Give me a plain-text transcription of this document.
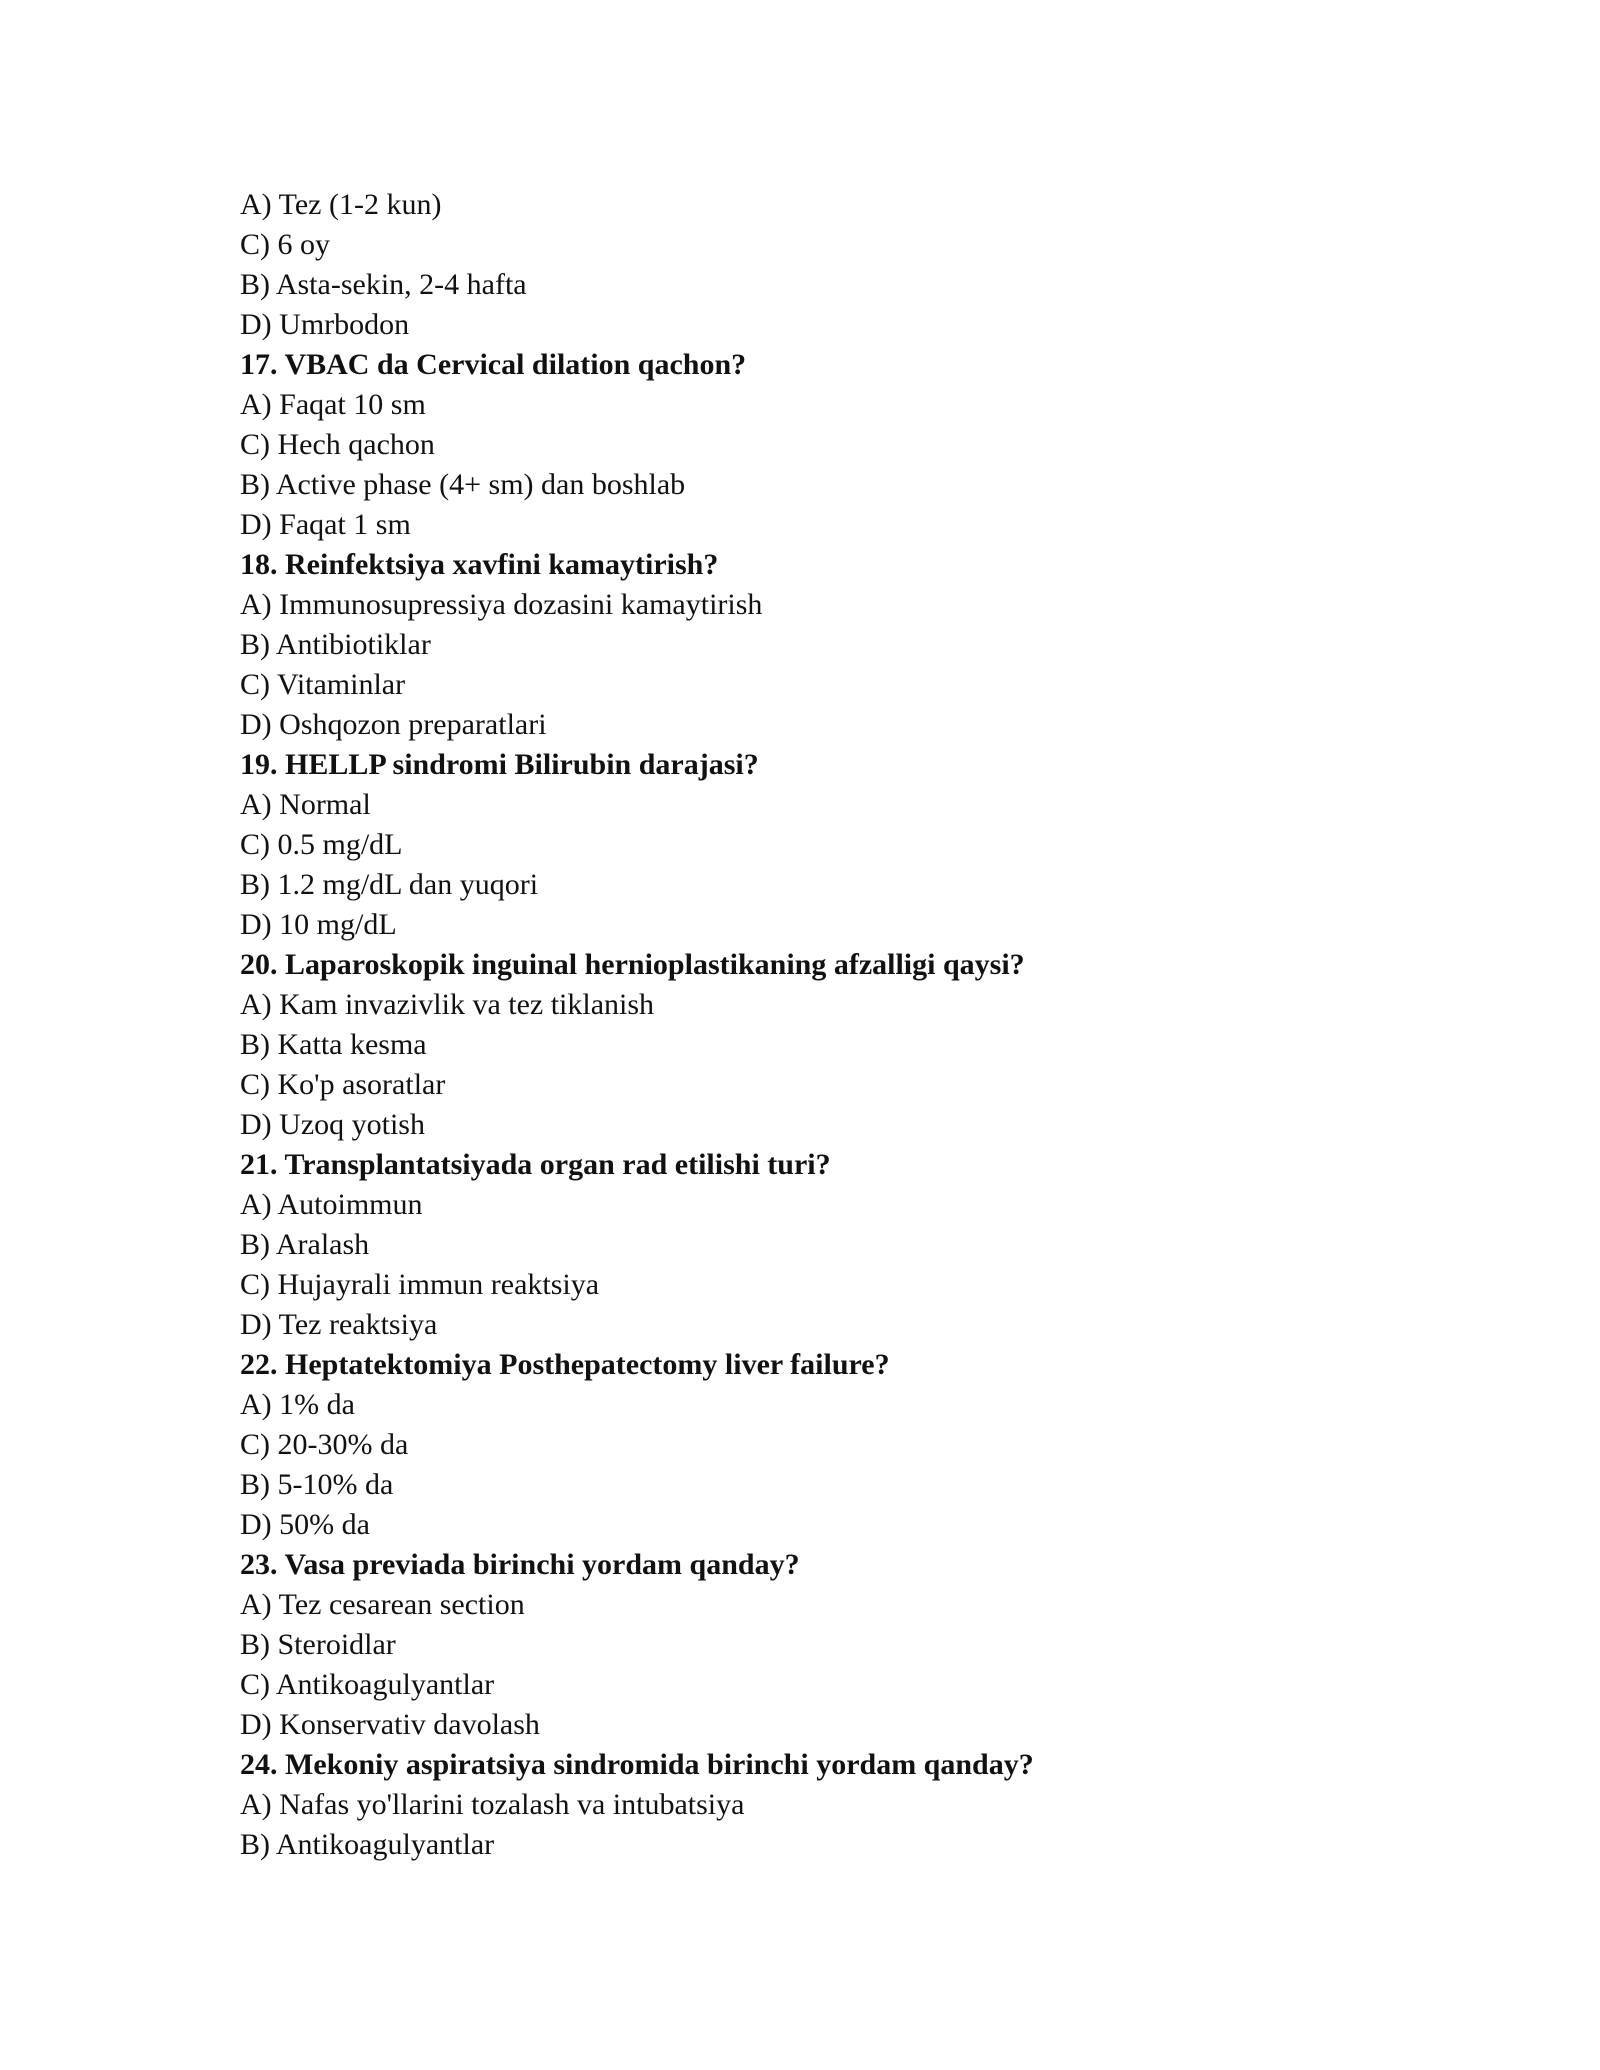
A) Tez (1-2 kun)

C) 6 oy

B) Asta-sekin, 2-4 hafta

D) Umrbodon

17. VBAC da Cervical dilation qachon?

A) Faqat 10 sm

C) Hech qachon

B) Active phase (4+ sm) dan boshlab

D) Faqat 1 sm

18. Reinfektsiya xavfini kamaytirish?

A) Immunosupressiya dozasini kamaytirish

B) Antibiotiklar

C) Vitaminlar

D) Oshqozon preparatlari

19. HELLP sindromi Bilirubin darajasi?

A) Normal

C) 0.5 mg/dL

B) 1.2 mg/dL dan yuqori

D) 10 mg/dL

20. Laparoskopik inguinal hernioplastikaning afzalligi qaysi?

A) Kam invazivlik va tez tiklanish

B) Katta kesma

C) Ko'p asoratlar

D) Uzoq yotish

21. Transplantatsiyada organ rad etilishi turi?

A) Autoimmun

B) Aralash

C) Hujayrali immun reaktsiya

D) Tez reaktsiya

22. Heptatektomiya Posthepatectomy liver failure?

A) 1% da

C) 20-30% da

B) 5-10% da

D) 50% da

23. Vasa previada birinchi yordam qanday?

A) Tez cesarean section

B) Steroidlar

C) Antikoagulyantlar

D) Konservativ davolash

24. Mekoniy aspiratsiya sindromida birinchi yordam qanday?

A) Nafas yo'llarini tozalash va intubatsiya

B) Antikoagulyantlar
